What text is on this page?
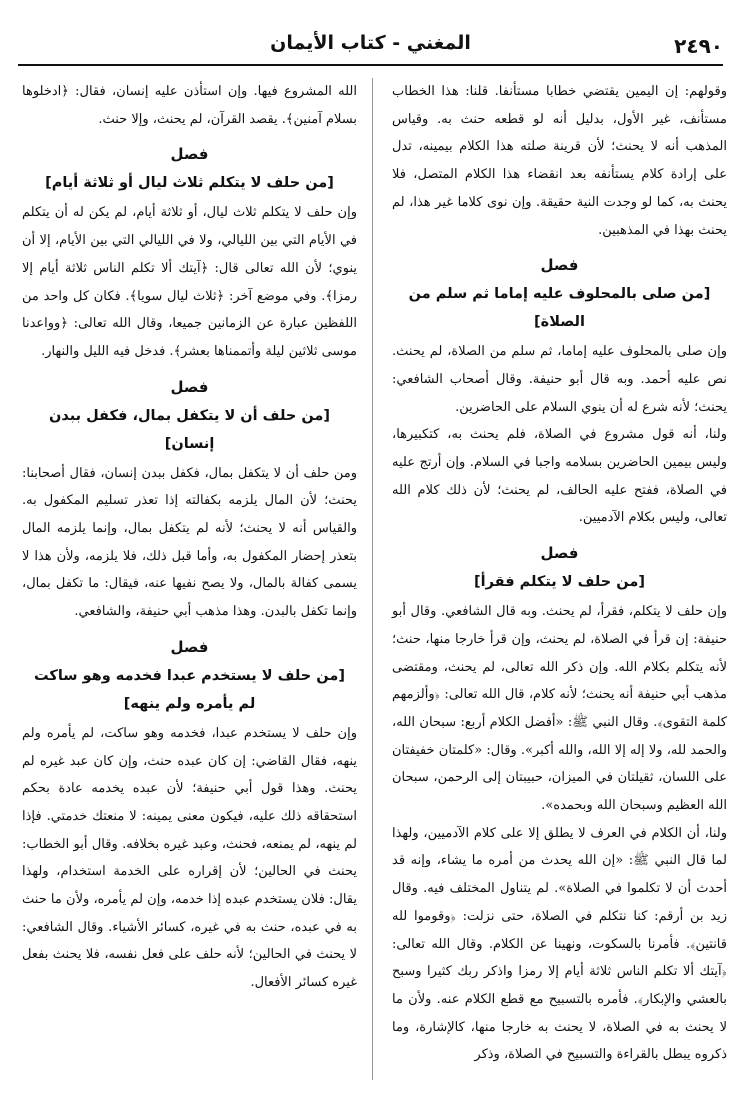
٢٤٩٠
المغني - كتاب الأيمان

وقولهم: إن اليمين يقتضي خطابا مستأنفا. قلنا: هذا الخطاب مستأنف، غير الأول، بدليل أنه لو قطعه حنث به. وقياس المذهب أنه لا يحنث؛ لأن قرينة صلته هذا الكلام بيمينه، تدل على إرادة كلام يستأنفه بعد انقضاء هذا الكلام المتصل، فلا يحنث به، كما لو وجدت النية حقيقة. وإن نوى كلاما غير هذا، لم يحنث بهذا في المذهبين.

فصل
[من صلى بالمحلوف عليه إماما ثم سلم من الصلاة]

وإن صلى بالمحلوف عليه إماما، ثم سلم من الصلاة، لم يحنث. نص عليه أحمد. وبه قال أبو حنيفة. وقال أصحاب الشافعي: يحنث؛ لأنه شرع له أن ينوي السلام على الحاضرين.

ولنا، أنه قول مشروع في الصلاة، فلم يحنث به، كتكبيرها، وليس بيمين الحاضرين بسلامه واجبا في السلام. وإن أرتج عليه في الصلاة، ففتح عليه الحالف، لم يحنث؛ لأن ذلك كلام الله تعالى، وليس بكلام الآدميين.

فصل
[من حلف لا يتكلم فقرأ]

وإن حلف لا يتكلم، فقرأ، لم يحنث. وبه قال الشافعي. وقال أبو حنيفة: إن قرأ في الصلاة، لم يحنث، وإن قرأ خارجا منها، حنث؛ لأنه يتكلم بكلام الله. وإن ذكر الله تعالى، لم يحنث، ومقتضى مذهب أبي حنيفة أنه يحنث؛ لأنه كلام، قال الله تعالى: ﴿وألزمهم كلمة التقوى﴾. وقال النبي ﷺ: «أفضل الكلام أربع: سبحان الله، والحمد لله، ولا إله إلا الله، والله أكبر». وقال: «كلمتان خفيفتان على اللسان، ثقيلتان في الميزان، حبيبتان إلى الرحمن، سبحان الله العظيم وسبحان الله وبحمده».

ولنا، أن الكلام في العرف لا يطلق إلا على كلام الآدميين، ولهذا لما قال النبي ﷺ: «إن الله يحدث من أمره ما يشاء، وإنه قد أحدث أن لا تكلموا في الصلاة». لم يتناول المختلف فيه. وقال زيد بن أرقم: كنا نتكلم في الصلاة، حتى نزلت: ﴿وقوموا لله قانتين﴾. فأمرنا بالسكوت، ونهينا عن الكلام. وقال الله تعالى: ﴿آيتك ألا تكلم الناس ثلاثة أيام إلا رمزا واذكر ربك كثيرا وسبح بالعشي والإبكار﴾. فأمره بالتسبيح مع قطع الكلام عنه. ولأن ما لا يحنث به في الصلاة، لا يحنث به خارجا منها، كالإشارة، وما ذكروه يبطل بالقراءة والتسبيح في الصلاة، وذكر

الله المشروع فيها. وإن استأذن عليه إنسان، فقال: ﴿ادخلوها بسلام آمنين﴾. يقصد القرآن، لم يحنث، وإلا حنث.

فصل
[من حلف لا يتكلم ثلاث ليال أو ثلاثة أيام]

وإن حلف لا يتكلم ثلاث ليال، أو ثلاثة أيام، لم يكن له أن يتكلم في الأيام التي بين الليالي، ولا في الليالي التي بين الأيام، إلا أن ينوي؛ لأن الله تعالى قال: ﴿آيتك ألا تكلم الناس ثلاثة أيام إلا رمزا﴾. وفي موضع آخر: ﴿ثلاث ليال سويا﴾. فكان كل واحد من اللفظين عبارة عن الزمانين جميعا، وقال الله تعالى: ﴿وواعدنا موسى ثلاثين ليلة وأتممناها بعشر﴾. فدخل فيه الليل والنهار.

فصل
[من حلف أن لا يتكفل بمال، فكفل ببدن إنسان]

ومن حلف أن لا يتكفل بمال، فكفل ببدن إنسان، فقال أصحابنا: يحنث؛ لأن المال يلزمه بكفالته إذا تعذر تسليم المكفول به. والقياس أنه لا يحنث؛ لأنه لم يتكفل بمال، وإنما يلزمه المال بتعذر إحضار المكفول به، وأما قبل ذلك، فلا يلزمه، ولأن هذا لا يسمى كفالة بالمال، ولا يصح نفيها عنه، فيقال: ما تكفل بمال، وإنما تكفل بالبدن. وهذا مذهب أبي حنيفة، والشافعي.

فصل
[من حلف لا يستخدم عبدا فخدمه وهو ساكت
لم يأمره ولم ينهه]

وإن حلف لا يستخدم عبدا، فخدمه وهو ساكت، لم يأمره ولم ينهه، فقال القاضي: إن كان عبده حنث، وإن كان عبد غيره لم يحنث. وهذا قول أبي حنيفة؛ لأن عبده يخدمه عادة بحكم استحقاقه ذلك عليه، فيكون معنى يمينه: لا منعتك خدمتي. فإذا لم ينهه، لم يمنعه، فحنث، وعبد غيره بخلافه. وقال أبو الخطاب: يحنث في الحالين؛ لأن إقراره على الخدمة استخدام، ولهذا يقال: فلان يستخدم عبده إذا خدمه، وإن لم يأمره، ولأن ما حنث به في عبده، حنث به في غيره، كسائر الأشياء. وقال الشافعي: لا يحنث في الحالين؛ لأنه حلف على فعل نفسه، فلا يحنث بفعل غيره كسائر الأفعال.
